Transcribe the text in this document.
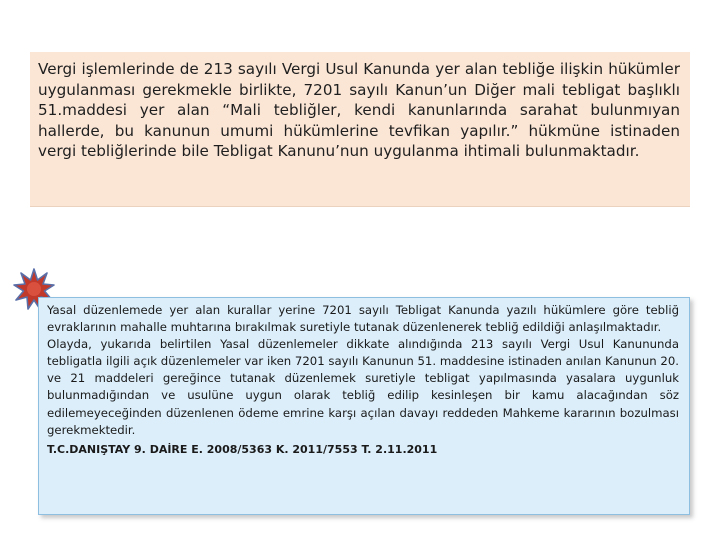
Vergi işlemlerinde de 213 sayılı Vergi Usul Kanunda yer alan tebliğe ilişkin hükümler uygulanması gerekmekle birlikte, 7201 sayılı Kanun’un Diğer mali tebligat başlıklı 51.maddesi yer alan “Mali tebliğler, kendi kanunlarında sarahat bulunmıyan hallerde, bu kanunun umumi hükümlerine tevfikan yapılır.” hükmüne istinaden vergi tebliğlerinde bile Tebligat Kanunu’nun uygulanma ihtimali bulunmaktadır.

Yasal düzenlemede yer alan kurallar yerine 7201 sayılı Tebligat Kanunda yazılı hükümlere göre tebliğ evraklarının mahalle muhtarına bırakılmak suretiyle tutanak düzenlenerek tebliğ edildiği anlaşılmaktadır.

Olayda, yukarıda belirtilen Yasal düzenlemeler dikkate alındığında 213 sayılı Vergi Usul Kanununda tebligatla ilgili açık düzenlemeler var iken 7201 sayılı Kanunun 51. maddesine istinaden anılan Kanunun 20. ve 21 maddeleri gereğince tutanak düzenlemek suretiyle tebligat yapılmasında yasalara uygunluk bulunmadığından ve usulüne uygun olarak tebliğ edilip kesinleşen bir kamu alacağından söz edilemeyeceğinden düzenlenen ödeme emrine karşı açılan davayı reddeden Mahkeme kararının bozulması gerekmektedir.

T.C.DANIŞTAY 9. DAİRE E. 2008/5363 K. 2011/7553 T. 2.11.2011
